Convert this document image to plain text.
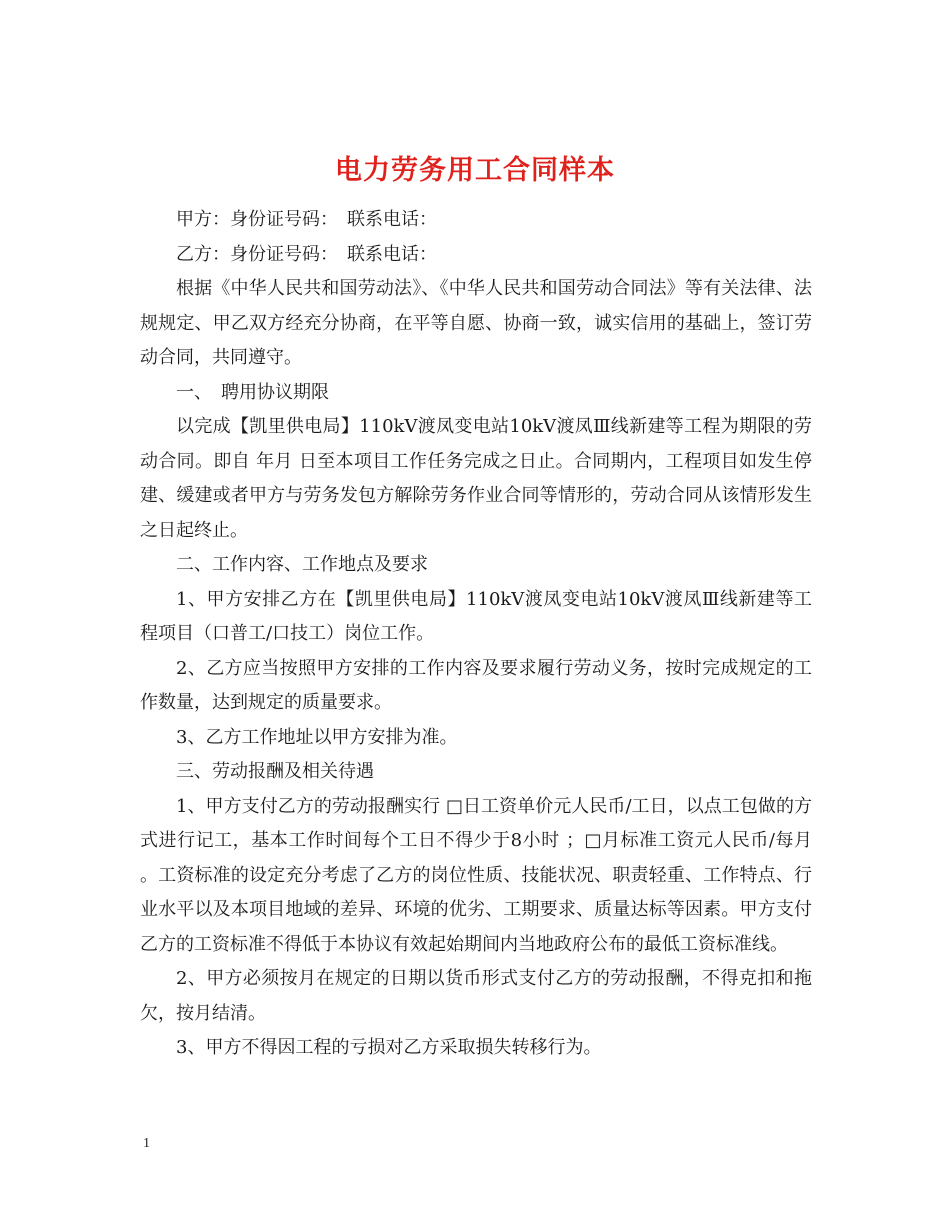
电力劳务用工合同样本

甲方：身份证号码：　联系电话：

乙方：身份证号码：　联系电话：

根据《中华人民共和国劳动法》、《中华人民共和国劳动合同法》等有关法律、法规规定、甲乙双方经充分协商，在平等自愿、协商一致，诚实信用的基础上，签订劳动合同，共同遵守。

一、　聘用协议期限

以完成【凯里供电局】110kV渡凤变电站10kV渡凤Ⅲ线新建等工程为期限的劳动合同。即自 年月 日至本项目工作任务完成之日止。合同期内，工程项目如发生停建、缓建或者甲方与劳务发包方解除劳务作业合同等情形的，劳动合同从该情形发生之日起终止。

二、工作内容、工作地点及要求

1、甲方安排乙方在【凯里供电局】110kV渡凤变电站10kV渡凤Ⅲ线新建等工程项目（口普工/口技工）岗位工作。

2、乙方应当按照甲方安排的工作内容及要求履行劳动义务，按时完成规定的工作数量，达到规定的质量要求。

3、乙方工作地址以甲方安排为准。

三、劳动报酬及相关待遇

1、甲方支付乙方的劳动报酬实行 □日工资单价元人民币/工日，以点工包做的方式进行记工，基本工作时间每个工日不得少于8小时 ；□月标准工资元人民币/每月 。工资标准的设定充分考虑了乙方的岗位性质、技能状况、职责轻重、工作特点、行业水平以及本项目地域的差异、环境的优劣、工期要求、质量达标等因素。甲方支付乙方的工资标准不得低于本协议有效起始期间内当地政府公布的最低工资标准线。

2、甲方必须按月在规定的日期以货币形式支付乙方的劳动报酬，不得克扣和拖欠，按月结清。

3、甲方不得因工程的亏损对乙方采取损失转移行为。

1
